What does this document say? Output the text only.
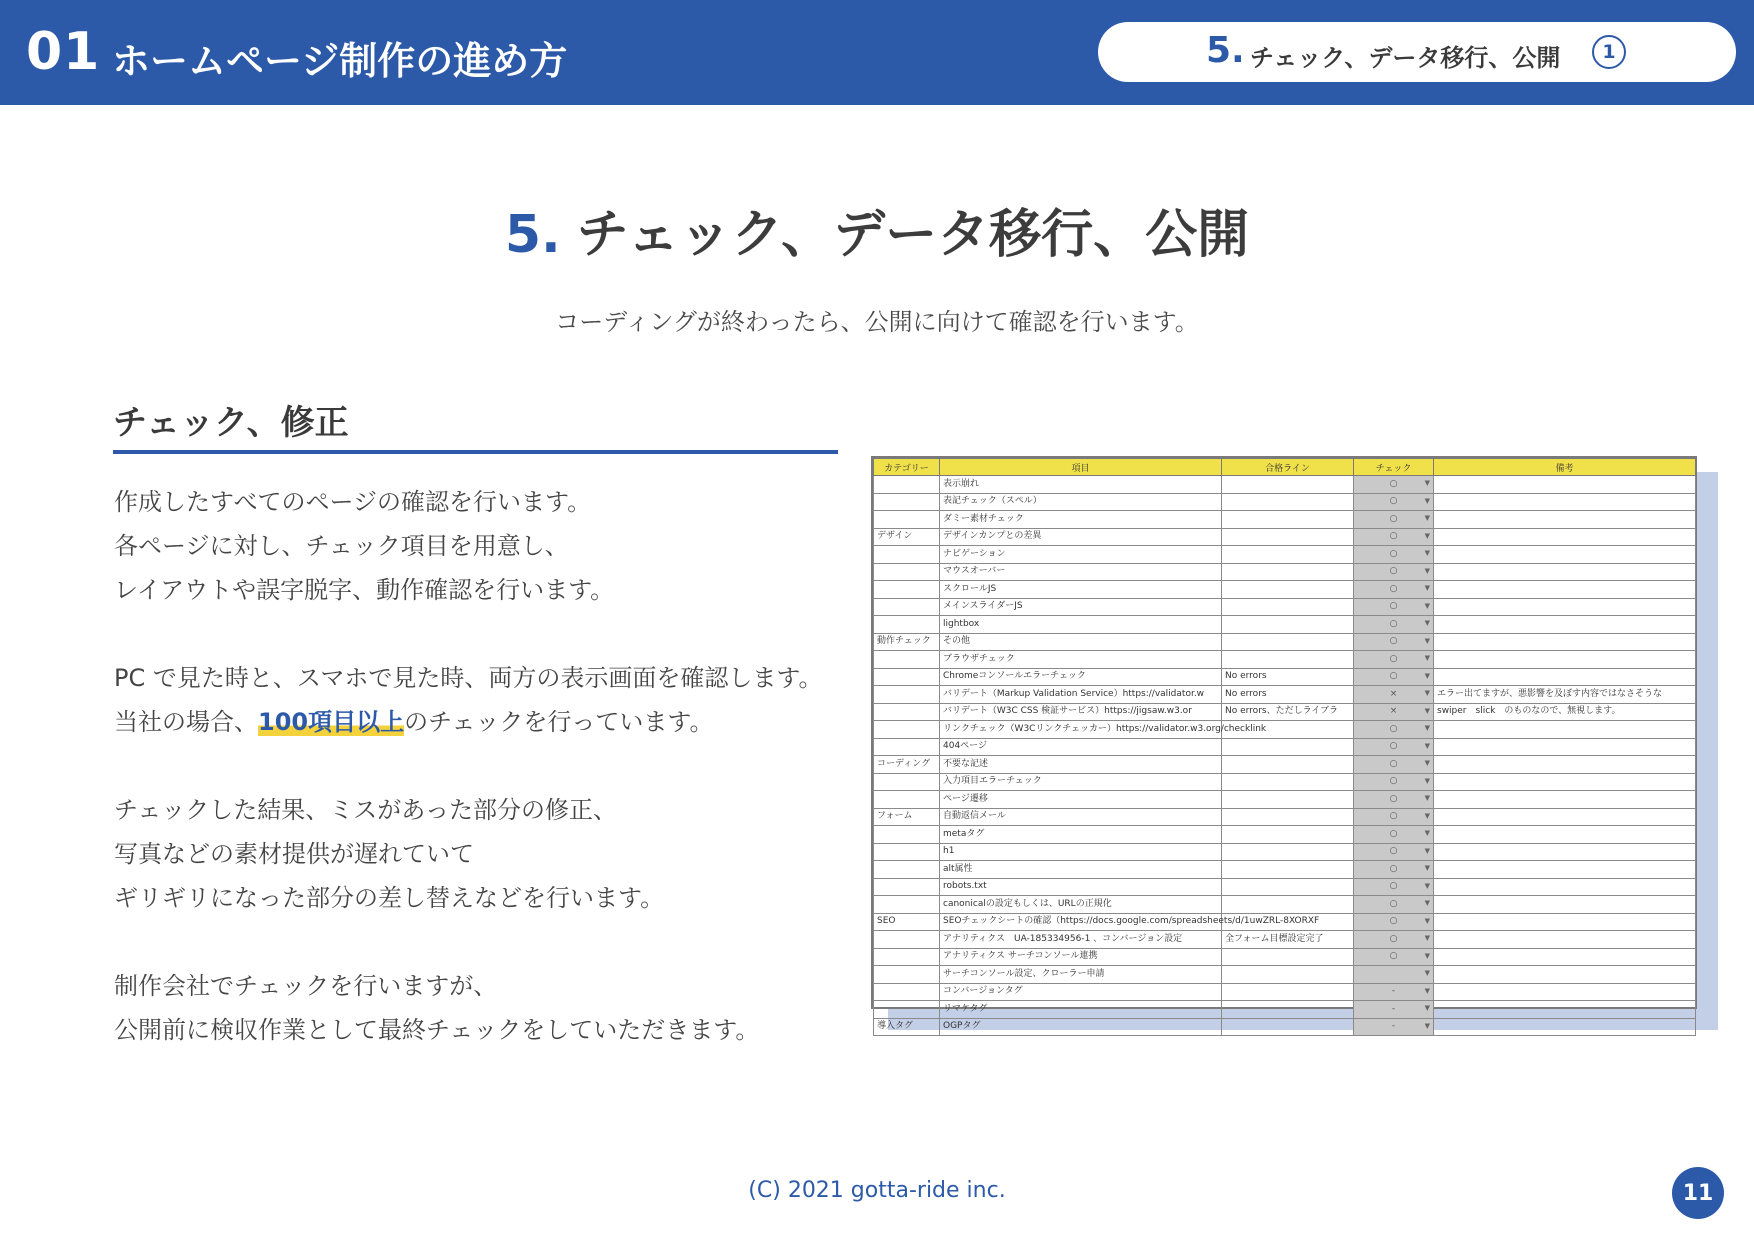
01 ホームページ制作の進め方	5. チェック、データ移行、公開	1
5. チェック、データ移行、公開
コーディングが終わったら、公開に向けて確認を行います。
チェック、修正

作成したすべてのページの確認を行います。

各ページに対し、チェック項目を用意し、

レイアウトや誤字脱字、動作確認を行います。

PC で見た時と、スマホで見た時、両方の表示画面を確認します。

当社の場合、100項目以上のチェックを行っています。

チェックした結果、ミスがあった部分の修正、

写真などの素材提供が遅れていて

ギリギリになった部分の差し替えなどを行います。

制作会社でチェックを行いますが、

公開前に検収作業として最終チェックをしていただきます。

カテゴリー	項目	合格ライン	チェック	備考
	表示崩れ		○ ▼	

	表記チェック（スペル）		○ ▼	

	ダミー素材チェック		○ ▼	

デザイン	デザインカンプとの差異		○ ▼	

	ナビゲーション		○ ▼	

	マウスオーバー		○ ▼	

	スクロールJS		○ ▼	

	メインスライダーJS		○ ▼	

	lightbox		○ ▼	

動作チェック	その他		○ ▼	

	ブラウザチェック		○ ▼	

	Chromeコンソールエラーチェック	No errors	○ ▼	

	バリデート（Markup Validation Service）https://validator.w	No errors	× ▼	エラー出てますが、悪影響を及ぼす内容ではなさそうな
	バリデート（W3C CSS 検証サービス）https://jigsaw.w3.or	No errors、ただしライブラ	× ▼	swiper　slick　のものなので、無視します。
	リンクチェック（W3Cリンクチェッカー）https://validator.w3.org/checklink		○ ▼	

	404ページ		○ ▼	

コーディング	不要な記述		○ ▼	

	入力項目エラーチェック		○ ▼	

	ページ遷移		○ ▼	

フォーム	自動返信メール		○ ▼	

	metaタグ		○ ▼	

	h1		○ ▼	

	alt属性		○ ▼	

	robots.txt		○ ▼	

	canonicalの設定もしくは、URLの正規化		○ ▼	

SEO	SEOチェックシートの確認（https://docs.google.com/spreadsheets/d/1uwZRL-8XORXF		○ ▼	

	アナリティクス　UA-185334956-1 、コンバージョン設定	全フォーム目標設定完了	○ ▼	

	アナリティクス サーチコンソール連携		○ ▼	

	サーチコンソール設定、クローラー申請		▼	

	コンバージョンタグ		- ▼	

	リマケタグ		- ▼	

導入タグ	OGPタグ		- ▼	

(C) 2021 gotta-ride inc.	11
